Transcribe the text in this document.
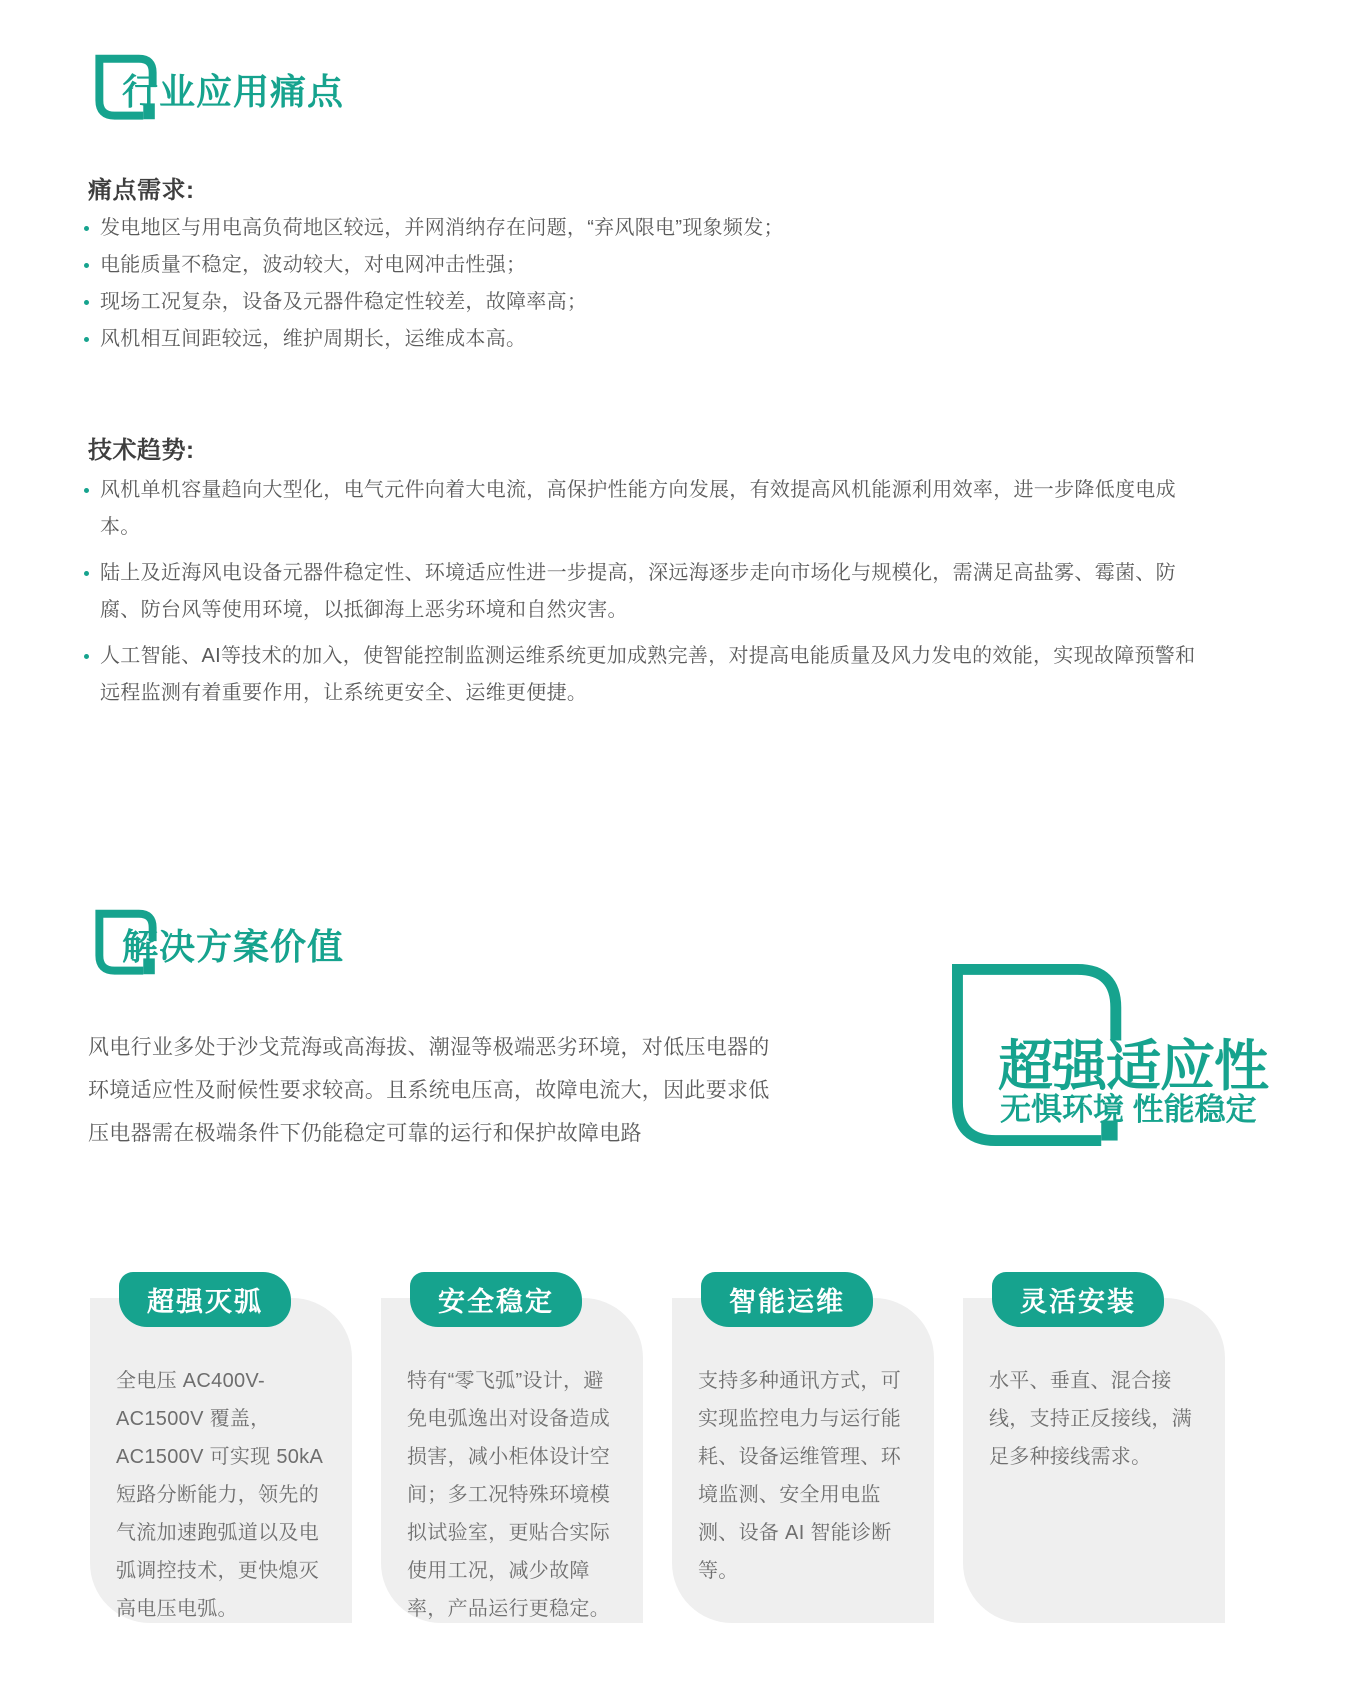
行业应用痛点
痛点需求:
发电地区与用电高负荷地区较远，并网消纳存在问题，“弃风限电”现象频发；
电能质量不稳定，波动较大，对电网冲击性强；
现场工况复杂，设备及元器件稳定性较差，故障率高；
风机相互间距较远，维护周期长，运维成本高。
技术趋势:
风机单机容量趋向大型化，电气元件向着大电流，高保护性能方向发展，有效提高风机能源利用效率，进一步降低度电成本。
陆上及近海风电设备元器件稳定性、环境适应性进一步提高，深远海逐步走向市场化与规模化，需满足高盐雾、霉菌、防腐、防台风等使用环境，以抵御海上恶劣环境和自然灾害。
人工智能、AI等技术的加入，使智能控制监测运维系统更加成熟完善，对提高电能质量及风力发电的效能，实现故障预警和远程监测有着重要作用，让系统更安全、运维更便捷。
解决方案价值
风电行业多处于沙戈荒海或高海拔、潮湿等极端恶劣环境，对低压电器的环境适应性及耐候性要求较高。且系统电压高，故障电流大，因此要求低压电器需在极端条件下仍能稳定可靠的运行和保护故障电路
超强适应性
无惧环境 性能稳定
超强灭弧
全电压 AC400V-AC1500V 覆盖，AC1500V 可实现 50kA 短路分断能力，领先的气流加速跑弧道以及电弧调控技术，更快熄灭高电压电弧。
安全稳定
特有“零飞弧”设计，避免电弧逸出对设备造成损害，减小柜体设计空间；多工况特殊环境模拟试验室，更贴合实际使用工况，减少故障率，产品运行更稳定。
智能运维
支持多种通讯方式，可实现监控电力与运行能耗、设备运维管理、环境监测、安全用电监测、设备 AI 智能诊断等。
灵活安装
水平、垂直、混合接线，支持正反接线，满足多种接线需求。
